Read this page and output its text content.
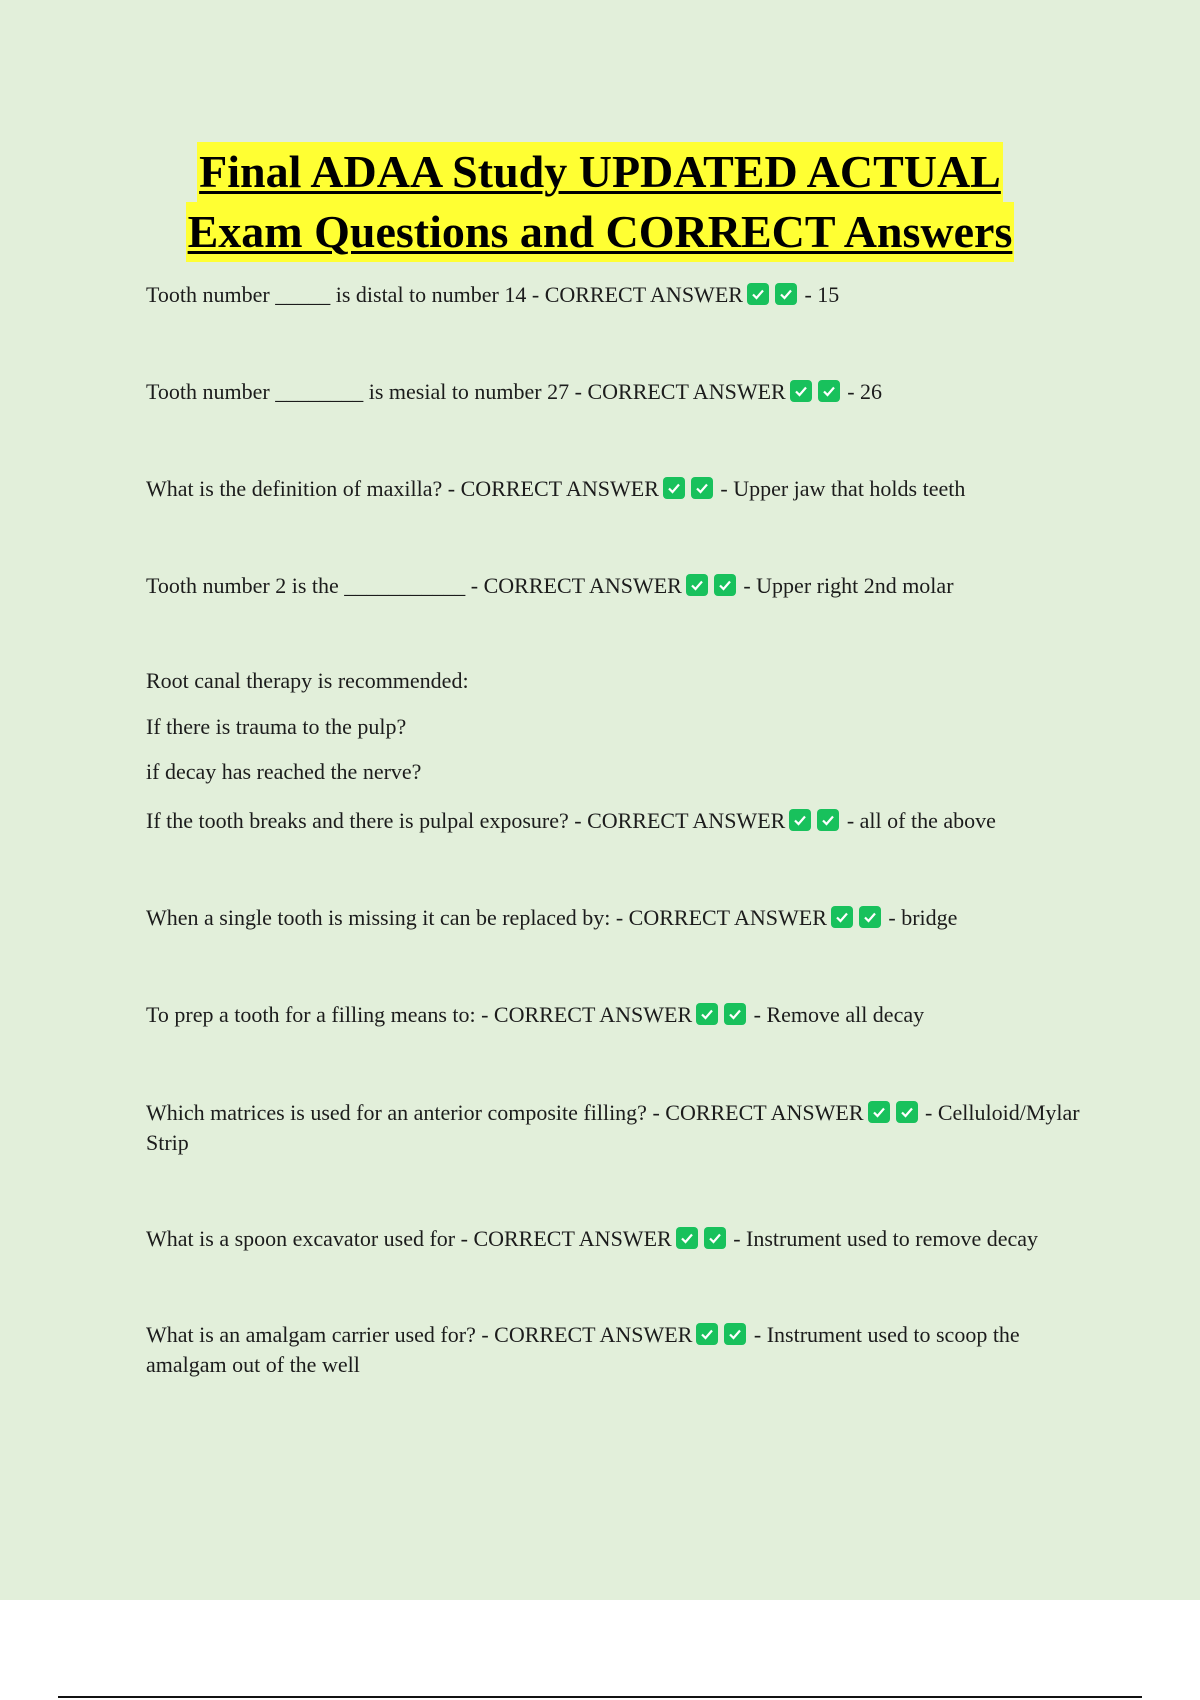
Final ADAA Study UPDATED ACTUAL
Exam Questions and CORRECT Answers

Tooth number _____ is distal to number 14 - CORRECT ANSWER	- 15

Tooth number ________ is mesial to number 27 - CORRECT ANSWER	- 26

What is the definition of maxilla? - CORRECT ANSWER	- Upper jaw that holds teeth

Tooth number 2 is the ___________ - CORRECT ANSWER	- Upper right 2nd molar

Root canal therapy is recommended:

If there is trauma to the pulp?

if decay has reached the nerve?

If the tooth breaks and there is pulpal exposure? - CORRECT ANSWER	- all of the above

When a single tooth is missing it can be replaced by: - CORRECT ANSWER	- bridge

To prep a tooth for a filling means to: - CORRECT ANSWER	- Remove all decay

Which matrices is used for an anterior composite filling? - CORRECT ANSWER	- Celluloid/Mylar Strip

What is a spoon excavator used for - CORRECT ANSWER	- Instrument used to remove decay

What is an amalgam carrier used for? - CORRECT ANSWER	- Instrument used to scoop the amalgam out of the well
